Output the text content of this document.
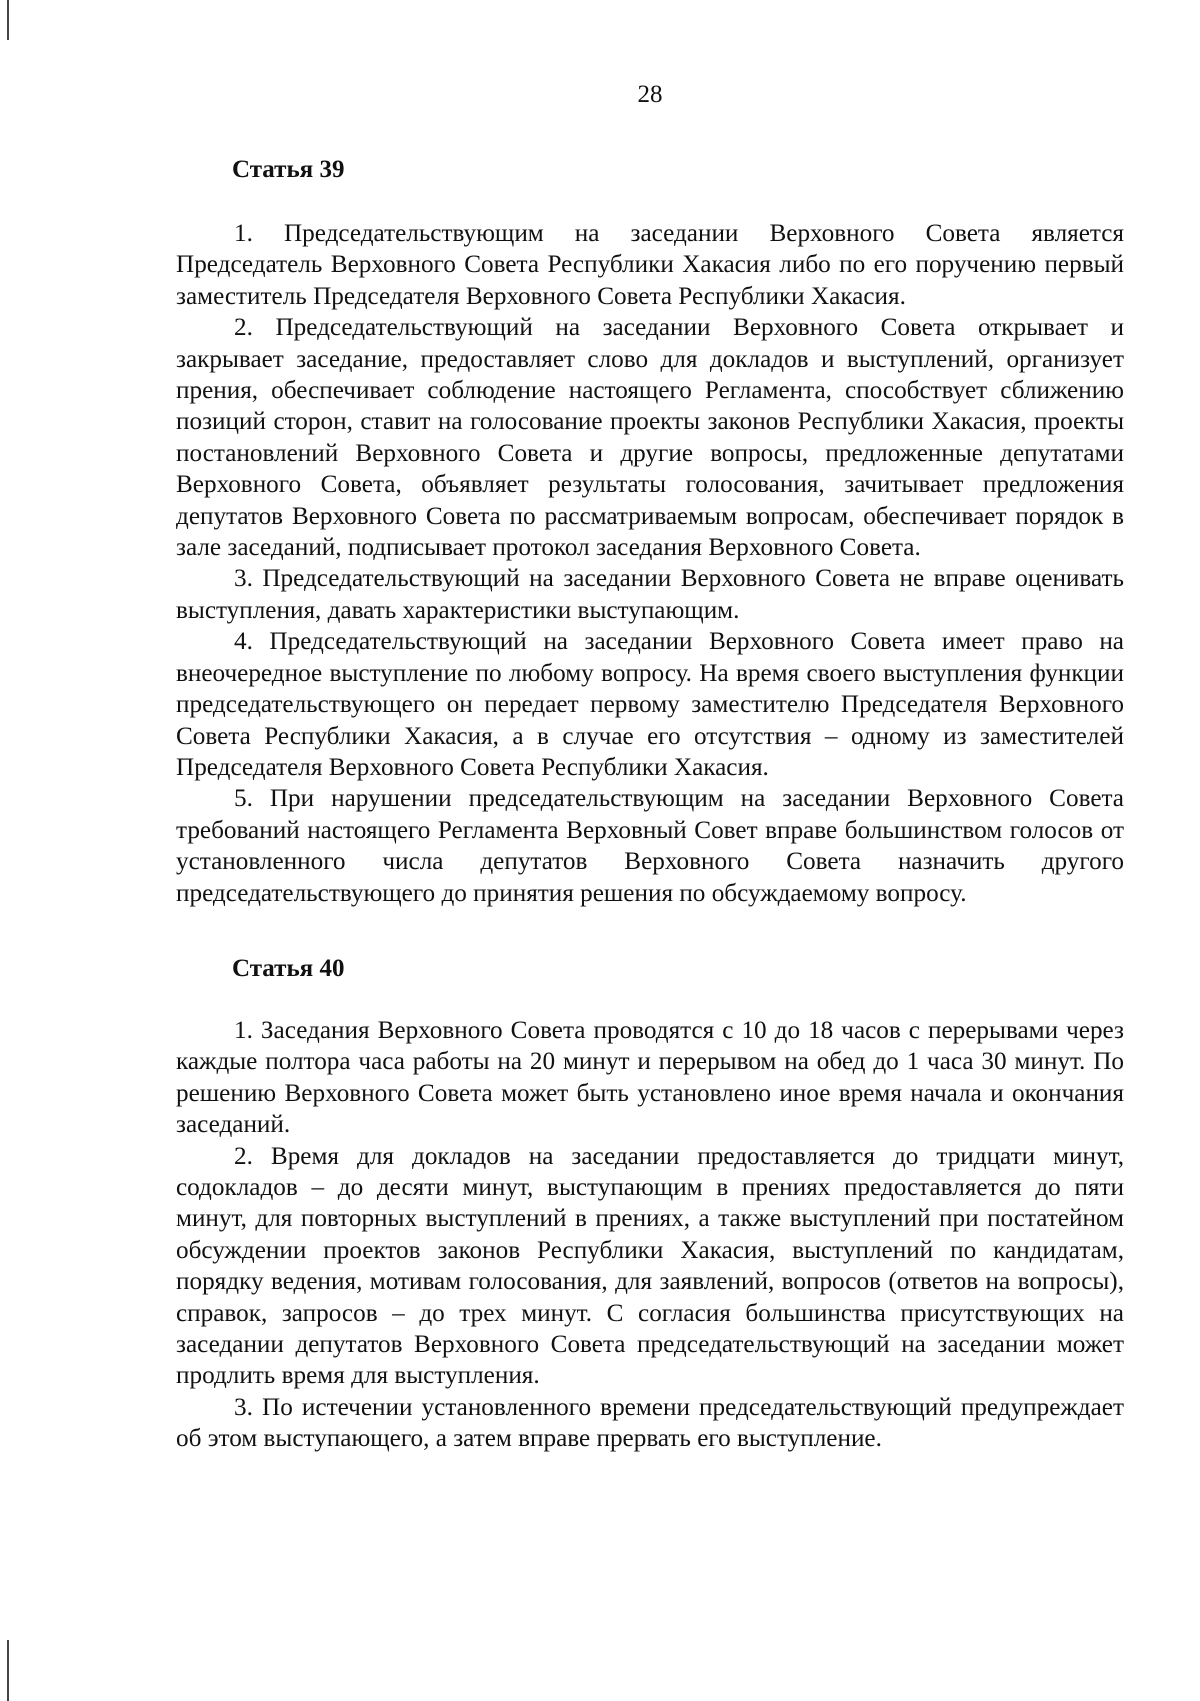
28
Статья 39

1. Председательствующим на заседании Верховного Совета является Председатель Верховного Совета Республики Хакасия либо по его поручению первый заместитель Председателя Верховного Совета Республики Хакасия.

2. Председательствующий на заседании Верховного Совета открывает и закрывает заседание, предоставляет слово для докладов и выступлений, организует прения, обеспечивает соблюдение настоящего Регламента, способствует сближению позиций сторон, ставит на голосование проекты законов Республики Хакасия, проекты постановлений Верховного Совета и другие вопросы, предложенные депутатами Верховного Совета, объявляет результаты голосования, зачитывает предложения депутатов Верховного Совета по рассматриваемым вопросам, обеспечивает порядок в зале заседаний, подписывает протокол заседания Верховного Совета.

3. Председательствующий на заседании Верховного Совета не вправе оценивать выступления, давать характеристики выступающим.

4. Председательствующий на заседании Верховного Совета имеет право на внеочередное выступление по любому вопросу. На время своего выступления функции председательствующего он передает первому заместителю Председателя Верховного Совета Республики Хакасия, а в случае его отсутствия – одному из заместителей Председателя Верховного Совета Республики Хакасия.

5. При нарушении председательствующим на заседании Верховного Совета требований настоящего Регламента Верховный Совет вправе большинством голосов от установленного числа депутатов Верховного Совета назначить другого председательствующего до принятия решения по обсуждаемому вопросу.

Статья 40

1. Заседания Верховного Совета проводятся с 10 до 18 часов с перерывами через каждые полтора часа работы на 20 минут и перерывом на обед до 1 часа 30 минут. По решению Верховного Совета может быть установлено иное время начала и окончания заседаний.

2. Время для докладов на заседании предоставляется до тридцати минут, содокладов – до десяти минут, выступающим в прениях предоставляется до пяти минут, для повторных выступлений в прениях, а также выступлений при постатейном обсуждении проектов законов Республики Хакасия, выступлений по кандидатам, порядку ведения, мотивам голосования, для заявлений, вопросов (ответов на вопросы), справок, запросов – до трех минут. С согласия большинства присутствующих на заседании депутатов Верховного Совета председательствующий на заседании может продлить время для выступления.

3. По истечении установленного времени председательствующий предупреждает об этом выступающего, а затем вправе прервать его выступление.
